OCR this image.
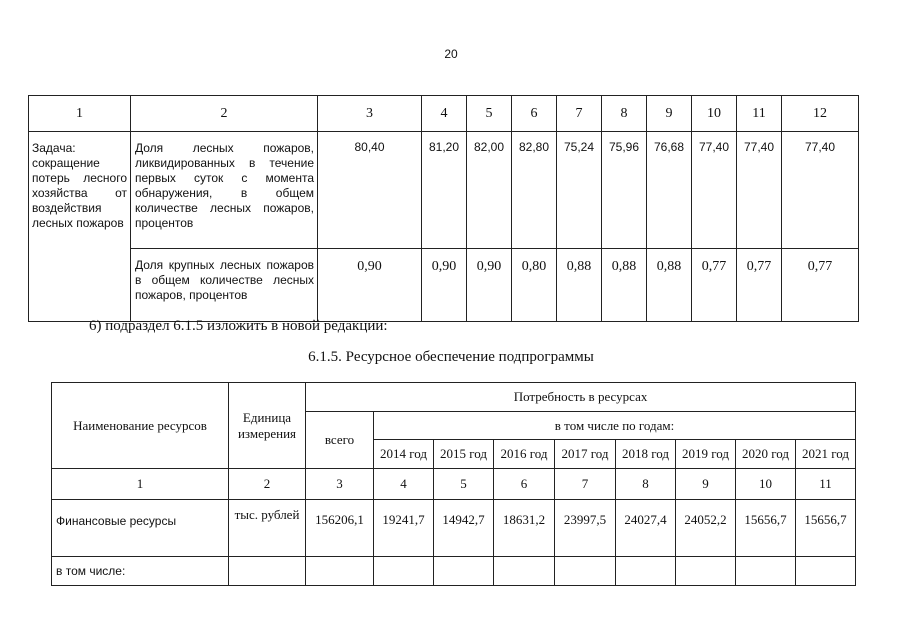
20
1	2	3	4	5	6	7	8	9	10	11	12
Задача: сокращение потерь лесного хозяйства от воздействия лесных пожаров	Доля лесных пожаров, ликвидированных в течение первых суток с момента обнаружения, в общем количестве лесных пожаров, процентов	80,40	81,20	82,00	82,80	75,24	75,96	76,68	77,40	77,40	77,40
	Доля крупных лесных пожаров в общем количестве лесных пожаров, процентов	0,90	0,90	0,90	0,80	0,88	0,88	0,88	0,77	0,77	0,77
6) подраздел 6.1.5 изложить в новой редакции:
6.1.5. Ресурсное обеспечение подпрограммы
Наименование ресурсов	Единица измерения	Потребность в ресурсах								
		всего	в том числе по годам:							
			2014 год	2015 год	2016 год	2017 год	2018 год	2019 год	2020 год	2021 год
1	2	3	4	5	6	7	8	9	10	11
Финансовые ресурсы	тыс. рублей	156206,1	19241,7	14942,7	18631,2	23997,5	24027,4	24052,2	15656,7	15656,7
в том числе:										
